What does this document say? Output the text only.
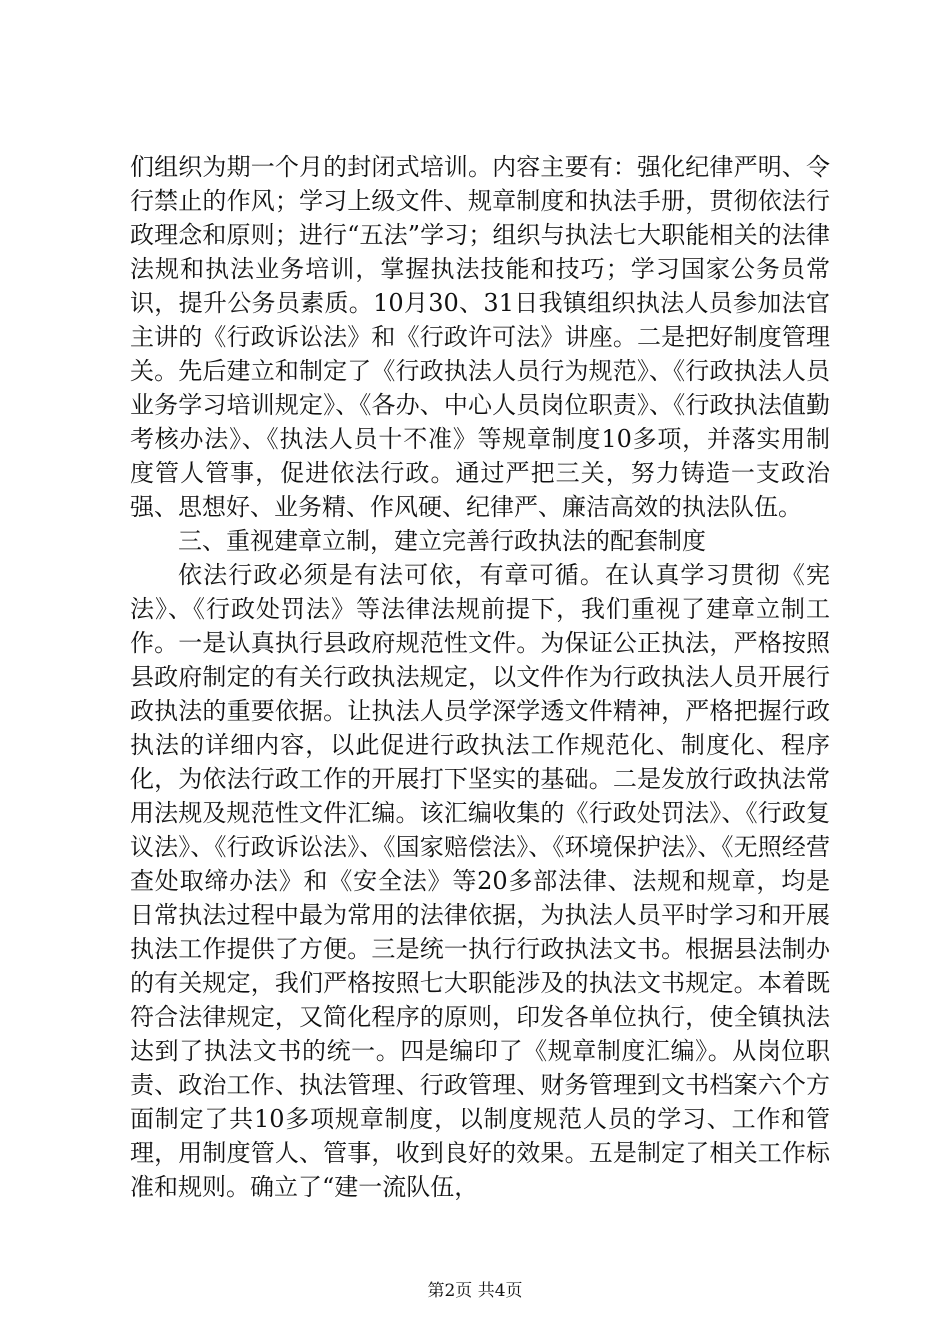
们组织为期一个月的封闭式培训。内容主要有：强化纪律严明、令行禁止的作风；学习上级文件、规章制度和执法手册，贯彻依法行政理念和原则；进行“五法”学习；组织与执法七大职能相关的法律法规和执法业务培训，掌握执法技能和技巧；学习国家公务员常识，提升公务员素质。10月30、31日我镇组织执法人员参加法官主讲的《行政诉讼法》和《行政许可法》讲座。二是把好制度管理关。先后建立和制定了《行政执法人员行为规范》、《行政执法人员业务学习培训规定》、《各办、中心人员岗位职责》、《行政执法值勤考核办法》、《执法人员十不准》等规章制度10多项，并落实用制度管人管事，促进依法行政。通过严把三关，努力铸造一支政治强、思想好、业务精、作风硬、纪律严、廉洁高效的执法队伍。

三、重视建章立制，建立完善行政执法的配套制度

依法行政必须是有法可依，有章可循。在认真学习贯彻《宪法》、《行政处罚法》等法律法规前提下，我们重视了建章立制工作。一是认真执行县政府规范性文件。为保证公正执法，严格按照县政府制定的有关行政执法规定，以文件作为行政执法人员开展行政执法的重要依据。让执法人员学深学透文件精神，严格把握行政执法的详细内容，以此促进行政执法工作规范化、制度化、程序化，为依法行政工作的开展打下坚实的基础。二是发放行政执法常用法规及规范性文件汇编。该汇编收集的《行政处罚法》、《行政复议法》、《行政诉讼法》、《国家赔偿法》、《环境保护法》、《无照经营查处取缔办法》和《安全法》等20多部法律、法规和规章，均是日常执法过程中最为常用的法律依据，为执法人员平时学习和开展执法工作提供了方便。三是统一执行行政执法文书。根据县法制办的有关规定，我们严格按照七大职能涉及的执法文书规定。本着既符合法律规定，又简化程序的原则，印发各单位执行，使全镇执法达到了执法文书的统一。四是编印了《规章制度汇编》。从岗位职责、政治工作、执法管理、行政管理、财务管理到文书档案六个方面制定了共10多项规章制度，以制度规范人员的学习、工作和管理，用制度管人、管事，收到良好的效果。五是制定了相关工作标准和规则。确立了“建一流队伍，

第2页 共4页
